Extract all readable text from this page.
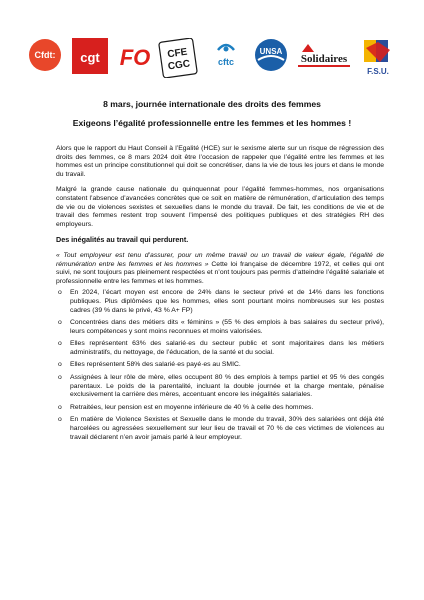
Cfdt: cgt FO CFE
CGC	cftc
UNSA
Solidaires
F.S.U.

8 mars, journée internationale des droits des femmes

Exigeons l’égalité professionnelle entre les femmes et les hommes !

Alors que le rapport du Haut Conseil à l’Egalité (HCE) sur le sexisme alerte sur un risque de régression des droits des femmes, ce 8 mars 2024 doit être l’occasion de rappeler que l’égalité entre les femmes et les hommes est un principe constitutionnel qui doit se concrétiser, dans la vie de tous les jours et dans le monde du travail.

Malgré la grande cause nationale du quinquennat pour l’égalité femmes-hommes, nos organisations constatent l’absence d’avancées concrètes que ce soit en matière de rémunération, d’articulation des temps de vie ou de violences sexistes et sexuelles dans le monde du travail. De fait, les conditions de vie et de travail des femmes restent trop souvent l’impensé des politiques publiques et des stratégies RH des employeurs.

Des inégalités au travail qui perdurent.

« Tout employeur est tenu d’assurer, pour un même travail ou un travail de valeur égale, l’égalité de rémunération entre les femmes et les hommes » Cette loi française de décembre 1972, et celles qui ont suivi, ne sont toujours pas pleinement respectées et n’ont toujours pas permis d’atteindre l’égalité salariale et professionnelle entre les femmes et les hommes.

o En 2024, l’écart moyen est encore de 24% dans le secteur privé et de 14% dans les fonctions publiques. Plus diplômées que les hommes, elles sont pourtant moins nombreuses sur les postes cadres (39 % dans le privé, 43 % A+ FP)
o Concentrées dans des métiers dits « féminins » (55 % des emplois à bas salaires du secteur privé), leurs compétences y sont moins reconnues et moins valorisées.
o Elles représentent 63% des salarié·es du secteur public et sont majoritaires dans les métiers administratifs, du nettoyage, de l’éducation, de la santé et du social.
o Elles représentent 58% des salarié·es payé·es au SMIC.
o Assignées à leur rôle de mère, elles occupent 80 % des emplois à temps partiel et 95 % des congés parentaux. Le poids de la parentalité, incluant la double journée et la charge mentale, pénalise exclusivement la carrière des mères, accentuant encore les inégalités salariales.
o Retraitées, leur pension est en moyenne inférieure de 40 % à celle des hommes.
o En matière de Violence Sexistes et Sexuelle dans le monde du travail, 30% des salariées ont déjà été harcelées ou agressées sexuellement sur leur lieu de travail et 70 % de ces victimes de violences au travail déclarent n’en avoir jamais parlé à leur employeur.
